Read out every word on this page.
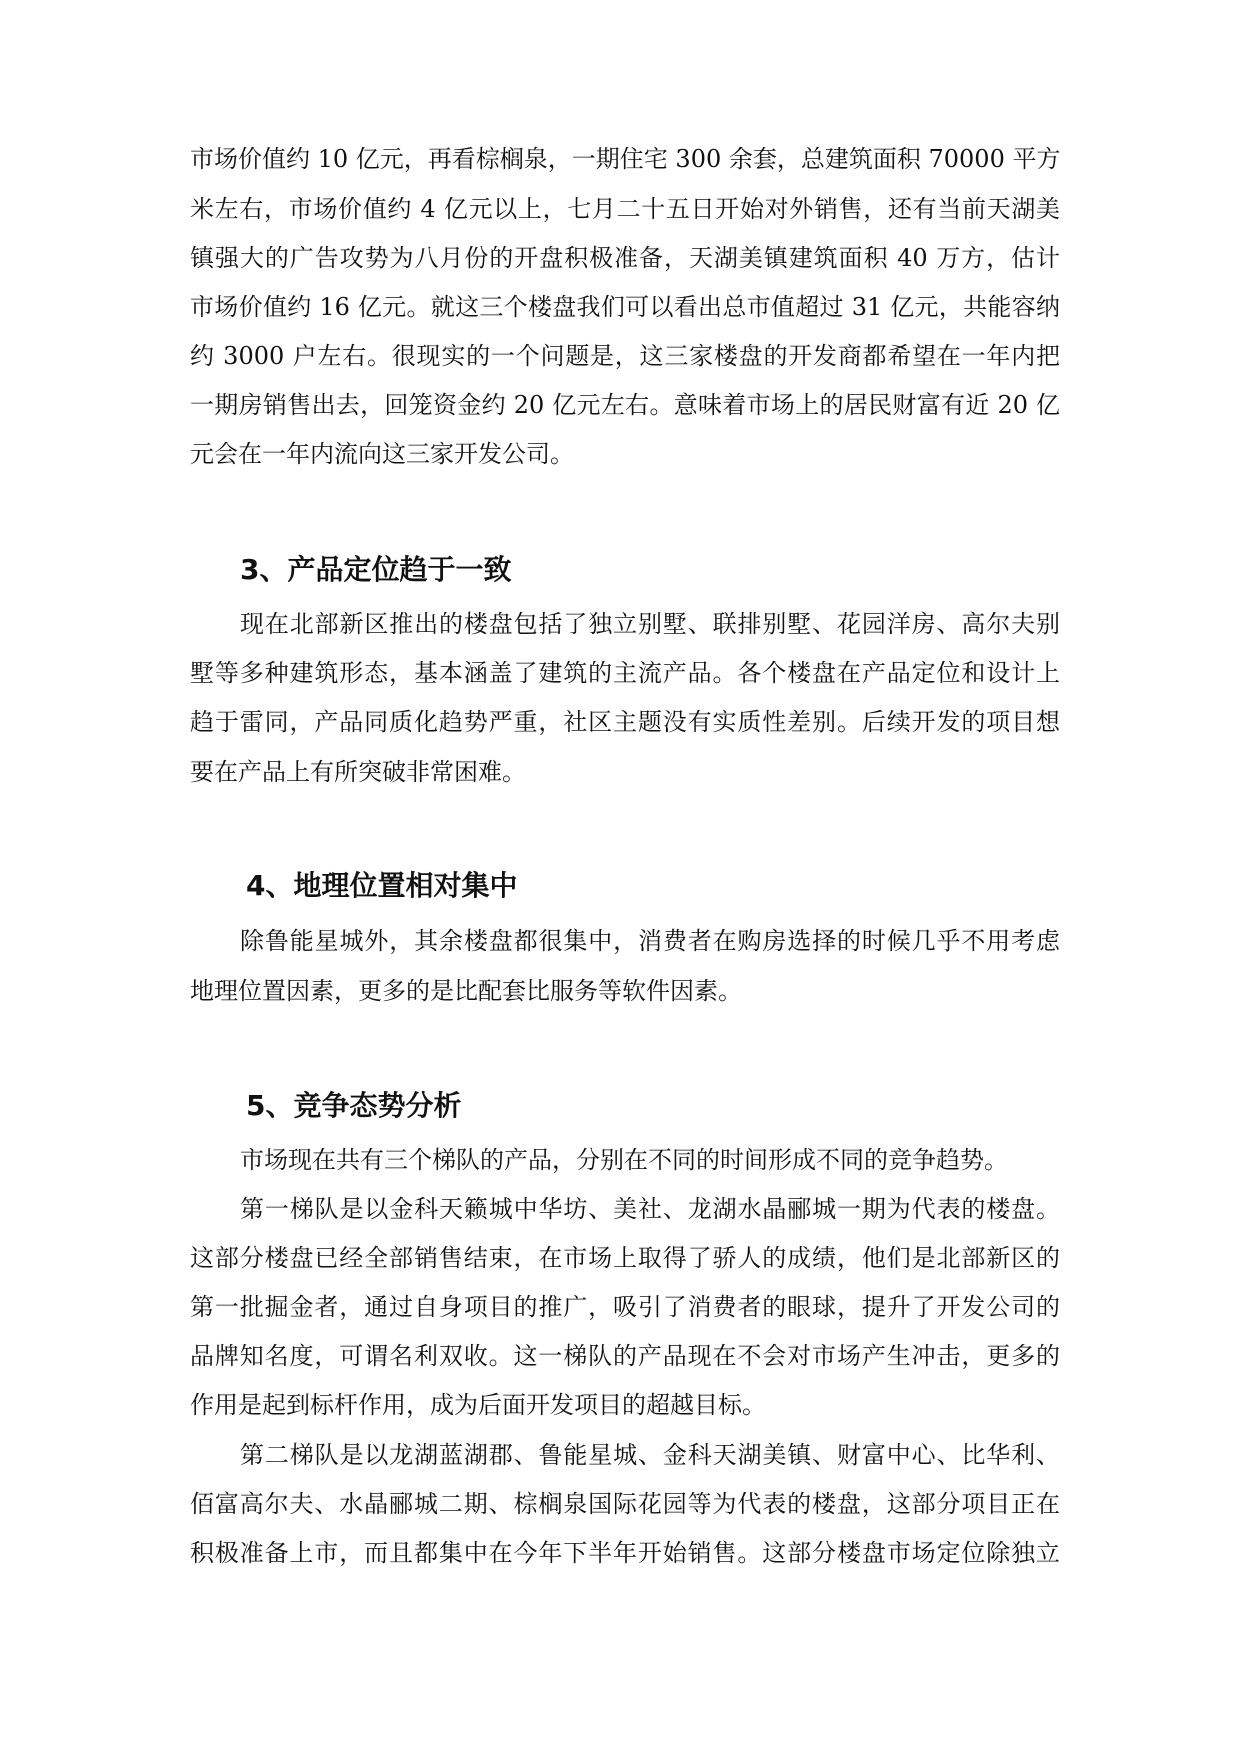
市场价值约 10 亿元，再看棕榈泉，一期住宅 300 余套，总建筑面积 70000 平方
米左右，市场价值约 4 亿元以上，七月二十五日开始对外销售，还有当前天湖美
镇强大的广告攻势为八月份的开盘积极准备，天湖美镇建筑面积 40 万方，估计
市场价值约 16 亿元。就这三个楼盘我们可以看出总市值超过 31 亿元，共能容纳
约 3000 户左右。很现实的一个问题是，这三家楼盘的开发商都希望在一年内把
一期房销售出去，回笼资金约 20 亿元左右。意味着市场上的居民财富有近 20 亿
元会在一年内流向这三家开发公司。
3、产品定位趋于一致
现在北部新区推出的楼盘包括了独立别墅、联排别墅、花园洋房、高尔夫别
墅等多种建筑形态，基本涵盖了建筑的主流产品。各个楼盘在产品定位和设计上
趋于雷同，产品同质化趋势严重，社区主题没有实质性差别。后续开发的项目想
要在产品上有所突破非常困难。
4、地理位置相对集中
除鲁能星城外，其余楼盘都很集中，消费者在购房选择的时候几乎不用考虑
地理位置因素，更多的是比配套比服务等软件因素。
5、竞争态势分析
市场现在共有三个梯队的产品，分别在不同的时间形成不同的竞争趋势。
第一梯队是以金科天籁城中华坊、美社、龙湖水晶郦城一期为代表的楼盘。
这部分楼盘已经全部销售结束，在市场上取得了骄人的成绩，他们是北部新区的
第一批掘金者，通过自身项目的推广，吸引了消费者的眼球，提升了开发公司的
品牌知名度，可谓名利双收。这一梯队的产品现在不会对市场产生冲击，更多的
作用是起到标杆作用，成为后面开发项目的超越目标。
第二梯队是以龙湖蓝湖郡、鲁能星城、金科天湖美镇、财富中心、比华利、
佰富高尔夫、水晶郦城二期、棕榈泉国际花园等为代表的楼盘，这部分项目正在
积极准备上市，而且都集中在今年下半年开始销售。这部分楼盘市场定位除独立
